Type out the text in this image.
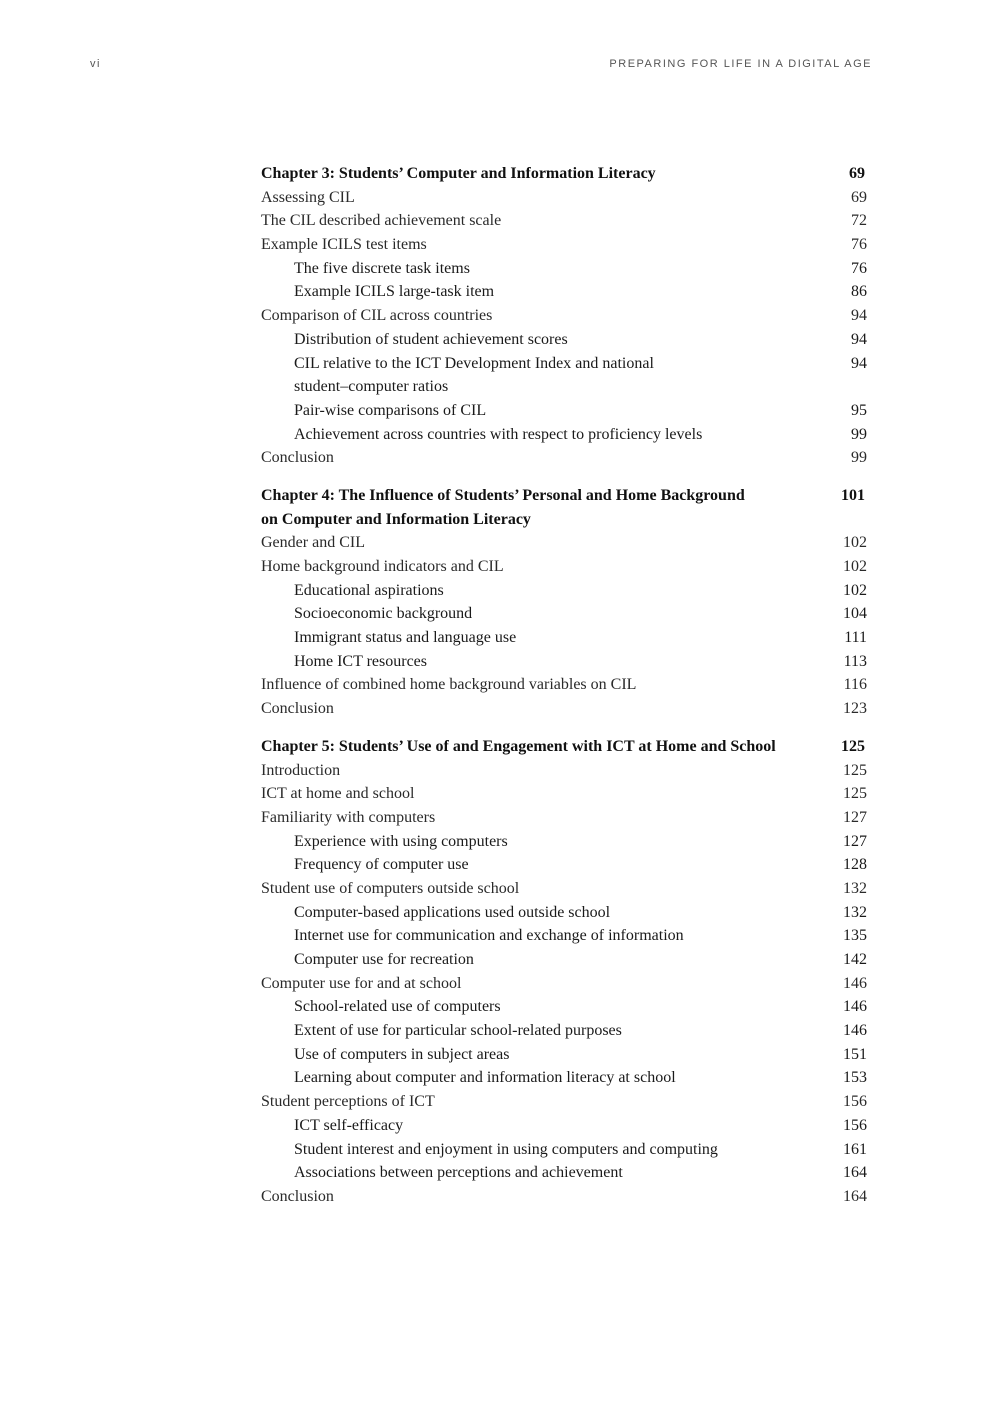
vi	PREPARING FOR LIFE IN A DIGITAL AGE
Chapter 3: Students’ Computer and Information Literacy	69
Assessing CIL	69
The CIL described achievement scale	72
Example ICILS test items	76
The five discrete task items	76
Example ICILS large-task item	86
Comparison of CIL across countries	94
Distribution of student achievement scores	94
CIL relative to the ICT Development Index and national	94
student–computer ratios
Pair-wise comparisons of CIL	95
Achievement across countries with respect to proficiency levels	99
Conclusion	99
Chapter 4: The Influence of Students’ Personal and Home Background	101
on Computer and Information Literacy
Gender and CIL	102
Home background indicators and CIL	102
Educational aspirations	102
Socioeconomic background	104
Immigrant status and language use	111
Home ICT resources	113
Influence of combined home background variables on CIL	116
Conclusion	123
Chapter 5: Students’ Use of and Engagement with ICT at Home and School	125
Introduction	125
ICT at home and school	125
Familiarity with computers	127
Experience with using computers	127
Frequency of computer use	128
Student use of computers outside school	132
Computer-based applications used outside school	132
Internet use for communication and exchange of information	135
Computer use for recreation	142
Computer use for and at school	146
School-related use of computers	146
Extent of use for particular school-related purposes	146
Use of computers in subject areas	151
Learning about computer and information literacy at school	153
Student perceptions of ICT	156
ICT self-efficacy	156
Student interest and enjoyment in using computers and computing	161
Associations between perceptions and achievement	164
Conclusion	164
